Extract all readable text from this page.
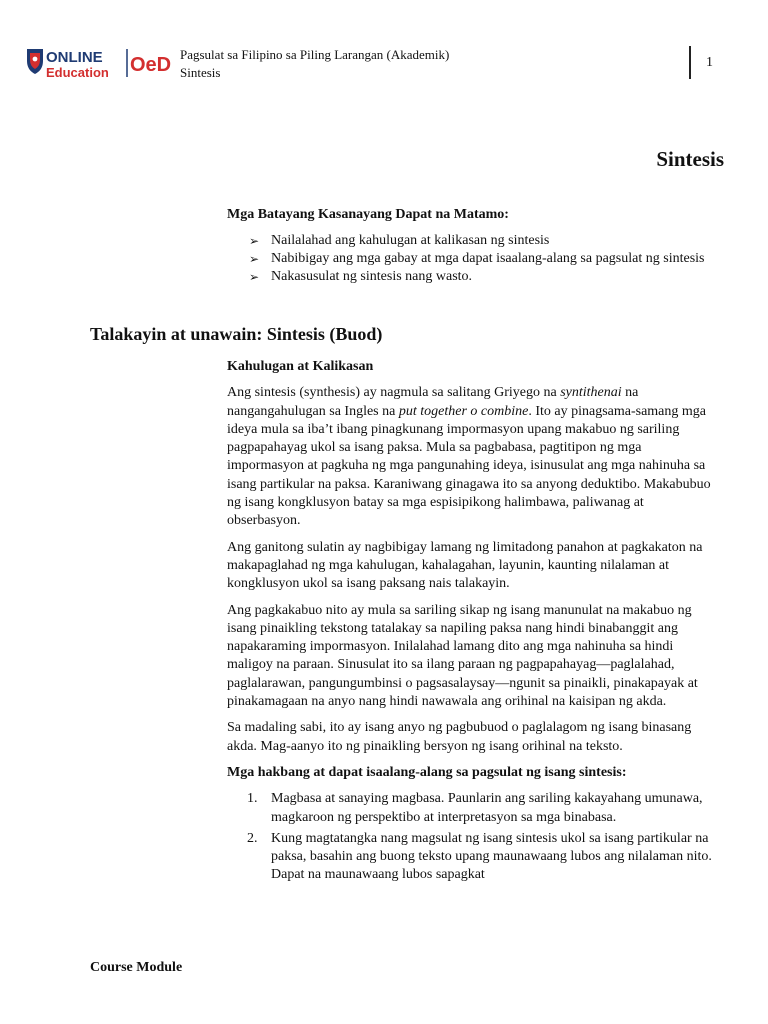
ONLINE
Education OeD Pagsulat sa Filipino sa Piling Larangan (Akademik)
Sintesis
1
Sintesis
Mga Batayang Kasanayang Dapat na Matamo:
➢ Nailalahad ang kahulugan at kalikasan ng sintesis
➢ Nabibigay ang mga gabay at mga dapat isaalang-alang sa pagsulat ng sintesis
➢ Nakasusulat ng sintesis nang wasto.
Talakayin at unawain: Sintesis (Buod)
Kahulugan at Kalikasan

Ang sintesis (synthesis) ay nagmula sa salitang Griyego na syntithenai na nangangahulugan sa Ingles na put together o combine. Ito ay pinagsama-samang mga ideya mula sa iba’t ibang pinagkunang impormasyon upang makabuo ng sariling pagpapahayag ukol sa isang paksa. Mula sa pagbabasa, pagtitipon ng mga impormasyon at pagkuha ng mga pangunahing ideya, isinusulat ang mga nahinuha sa isang partikular na paksa. Karaniwang ginagawa ito sa anyong deduktibo. Makabubuo ng isang kongklusyon batay sa mga espisipikong halimbawa, paliwanag at obserbasyon.

Ang ganitong sulatin ay nagbibigay lamang ng limitadong panahon at pagkakaton na makapaglahad ng mga kahulugan, kahalagahan, layunin, kaunting nilalaman at kongklusyon ukol sa isang paksang nais talakayin.

Ang pagkakabuo nito ay mula sa sariling sikap ng isang manunulat na makabuo ng isang pinaikling tekstong tatalakay sa napiling paksa nang hindi binabanggit ang napakaraming impormasyon. Inilalahad lamang dito ang mga nahinuha sa hindi maligoy na paraan. Sinusulat ito sa ilang paraan ng pagpapahayag—paglalahad, paglalarawan, pangungumbinsi o pagsasalaysay—ngunit sa pinaikli, pinakapayak at pinakamagaan na anyo nang hindi nawawala ang orihinal na kaisipan ng akda.

Sa madaling sabi, ito ay isang anyo ng pagbubuod o paglalagom ng isang binasang akda. Mag-aanyo ito ng pinaikling bersyon ng isang orihinal na teksto.

Mga hakbang at dapat isaalang-alang sa pagsulat ng isang sintesis:
1. Magbasa at sanaying magbasa. Paunlarin ang sariling kakayahang umunawa, magkaroon ng perspektibo at interpretasyon sa mga binabasa.
2. Kung magtatangka nang magsulat ng isang sintesis ukol sa isang partikular na paksa, basahin ang buong teksto upang maunawaang lubos ang nilalaman nito. Dapat na maunawaang lubos sapagkat
Course Module
